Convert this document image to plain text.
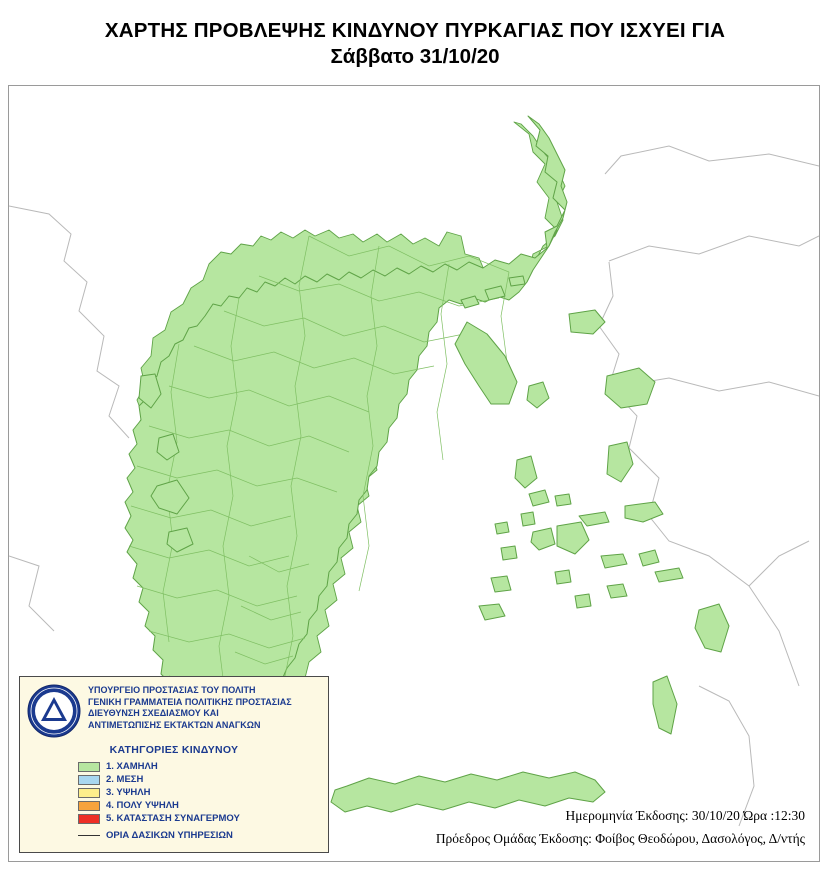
ΧΑΡΤΗΣ ΠΡΟΒΛΕΨΗΣ ΚΙΝΔΥΝΟΥ ΠΥΡΚΑΓΙΑΣ ΠΟΥ ΙΣΧΥΕΙ ΓΙΑ
Σάββατο 31/10/20
ΥΠΟΥΡΓΕΙΟ ΠΡΟΣΤΑΣΙΑΣ ΤΟΥ ΠΟΛΙΤΗ
ΓΕΝΙΚΗ ΓΡΑΜΜΑΤΕΙΑ ΠΟΛΙΤΙΚΗΣ ΠΡΟΣΤΑΣΙΑΣ
ΔΙΕΥΘΥΝΣΗ ΣΧΕΔΙΑΣΜΟΥ ΚΑΙ
ΑΝΤΙΜΕΤΩΠΙΣΗΣ ΕΚΤΑΚΤΩΝ ΑΝΑΓΚΩΝ
ΚΑΤΗΓΟΡΙΕΣ ΚΙΝΔΥΝΟΥ
1. ΧΑΜΗΛΗ
2. ΜΕΣΗ
3. ΥΨΗΛΗ
4. ΠΟΛΥ ΥΨΗΛΗ
5. ΚΑΤΑΣΤΑΣΗ ΣΥΝΑΓΕΡΜΟΥ
ΟΡΙΑ ΔΑΣΙΚΩΝ ΥΠΗΡΕΣΙΩΝ
Ημερομηνία Έκδοσης: 30/10/20 Ώρα :12:30
Πρόεδρος Ομάδας Έκδοσης: Φοίβος Θεοδώρου, Δασολόγος, Δ/ντής
